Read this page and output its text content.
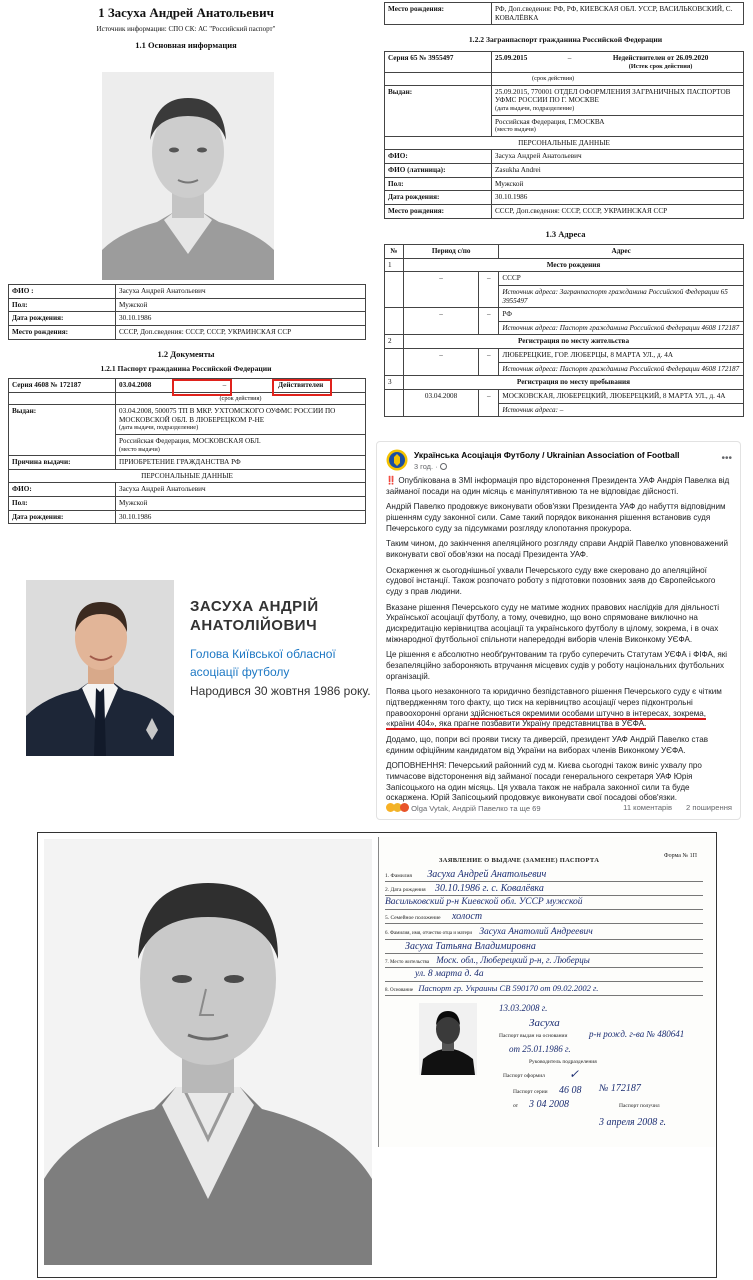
1 Засуха Андрей Анатольевич
Источник информации: СПО СК: АС "Российский паспорт"
1.1 Основная информация
ФИО :	Засуха Андрей Анатольевич
Пол:	Мужской
Дата рождения:	30.10.1986
Место рождения:	СССР, Доп.сведения: СССР, СССР, УКРАИНСКАЯ ССР
1.2 Документы
1.2.1 Паспорт гражданина Российской Федерации
Серия 4608 № 172187	03.04.2008	–	Действителен
	(срок действия)		
Выдан:	03.04.2008, 500075 ТП В МКР. УХТОМСКОГО ОУФМС РОССИИ ПО МОСКОВСКОЙ ОБЛ. В ЛЮБЕРЕЦКОМ Р-НЕ
(дата выдачи, подразделение)
Российская Федерация, МОСКОВСКАЯ ОБЛ.
(место выдачи)		

Причина выдачи:	ПРИОБРЕТЕНИЕ ГРАЖДАНСТВА РФ		
ПЕРСОНАЛЬНЫЕ ДАННЫЕ			
ФИО:	Засуха Андрей Анатольевич		
Пол:	Мужской		
Дата рождения:	30.10.1986		
Место рождения:	РФ, Доп.сведения: РФ, РФ, КИЕВСКАЯ ОБЛ. УССР, ВАСИЛЬКОВСКИЙ, С. КОВАЛЁВКА
1.2.2 Загранпаспорт гражданина Российской Федерации
Серия 65 № 3955497	25.09.2015	–	Недействителен от 26.09.2020
(Истек срок действия)

	(срок действия)		
Выдан:	25.09.2015, 770001 ОТДЕЛ ОФОРМЛЕНИЯ ЗАГРАНИЧНЫХ ПАСПОРТОВ УФМС РОССИИ ПО Г. МОСКВЕ
(дата выдачи, подразделение)
Российская Федерация, Г.МОСКВА
(место выдачи)		

ПЕРСОНАЛЬНЫЕ ДАННЫЕ			
ФИО:	Засуха Андрей Анатольевич		
ФИО (латиница):	Zasukha Andrei		
Пол:	Мужской		
Дата рождения:	30.10.1986		
Место рождения:	СССР, Доп.сведения: СССР, СССР, УКРАИНСКАЯ ССР		
1.3 Адреса
№	Период с/по		Адрес
1	Место рождения		
	–	–	СССР
Источник адреса: Загранпаспорт гражданина Российской Федерации 65 3955497

	–	–	РФ
Источник адреса: Паспорт гражданина Российской Федерации 4608 172187

2	Регистрация по месту жительства		
	–	–	ЛЮБЕРЕЦКИЕ, ГОР. ЛЮБЕРЦЫ, 8 МАРТА УЛ., д. 4А
Источник адреса: Паспорт гражданина Российской Федерации 4608 172187

3	Регистрация по месту пребывания		
	03.04.2008	–	МОСКОВСКАЯ, ЛЮБЕРЕЦКИЙ, ЛЮБЕРЕЦКИЙ, 8 МАРТА УЛ., д. 4А
Источник адреса: –
ЗАСУХА АНДРІЙ
АНАТОЛІЙОВИЧ
Голова Київської обласної
асоціації футболу
Народився 30 жовтня 1986 року.
Українська Асоціація Футболу / Ukrainian Association of Football
3 год. ·
•••

‼️ Опублікована в ЗМІ інформація про відсторонення Президента УАФ Андрія Павелка від займаної посади на один місяць є маніпулятивною та не відповідає дійсності.

Андрій Павелко продовжує виконувати обов'язки Президента УАФ до набуття відповідним рішенням суду законної сили. Саме такий порядок виконання рішення встановив судя Печерського суду за підсумками розгляду клопотання прокурора.

Таким чином, до закінчення апеляційного розгляду справи Андрій Павелко уповноважений виконувати свої обов'язки на посаді Президента УАФ.

Оскарження ж сьогоднішньої ухвали Печерського суду вже скеровано до апеляційної судової інстанції. Також розпочато роботу з підготовки позовних заяв до Європейського суду з прав людини.

Вказане рішення Печерського суду не матиме жодних правових наслідків для діяльності Української асоціації футболу, а тому, очевидно, що воно спрямоване виключно на дискредитацію керівництва асоціації та українського футболу в цілому, зокрема, і в очах міжнародної футбольної спільноти напередодні виборів членів Виконкому УЄФА.

Це рішення є абсолютно необґрунтованим та грубо суперечить Статутам УЄФА і ФІФА, які безапеляційно забороняють втручання місцевих судів у роботу національних футбольних організацій.

Поява цього незаконного та юридично безпідставного рішення Печерського суду є чітким підтвердженням того факту, що тиск на керівництво асоціації через підконтрольні правоохоронні органи здійснюється окремими особами штучно в інтересах, зокрема, «країни 404», яка прагне позбавити Україну представництва в УЄФА.

Додамо, що, попри всі прояви тиску та диверсій, президент УАФ Андрій Павелко став єдиним офіційним кандидатом від України на виборах членів Виконкому УЄФА.

ДОПОВНЕННЯ: Печерський районний суд м. Києва сьогодні також виніс ухвалу про тимчасове відсторонення від займаної посади генерального секретаря УАФ Юрія Запісоцького на один місяць. Ця ухвала також не набрала законної сили та буде оскаржена. Юрій Запісоцький продовжує виконувати свої посадові обов'язки.

Olga Vytak, Андрій Павелко та ще 69	2 поширення
11 коментарів
ЗАЯВЛЕНИЕ О ВЫДАЧЕ (ЗАМЕНЕ) ПАСПОРТА
Форма № 1П
1. Фамилия Засуха Андрей Анатольевич
2. Дата рождения 30.10.1986 г. с. Ковалёвка
Васильковский р-н Киевской обл. УССР мужской
5. Семейное положение холост
6. Фамилия, имя, отчество отца и матери Засуха Анатолий Андреевич
Засуха Татьяна Владимировна
7. Место жительства Моск. обл., Люберецкий р-н, г. Люберцы
ул. 8 марта д. 4а
8. Основание Паспорт гр. Украины СВ 590170 от 09.02.2002 г.
13.03.2008 г.
Засуха
Паспорт выдан на основании р-н рожд. г-ва № 480641
от 25.01.1986 г.
Руководитель подразделения
Паспорт оформил ✓
Паспорт серии 46 08 № 172187
от 3 04 2008	Паспорт получил
3 апреля 2008 г.
